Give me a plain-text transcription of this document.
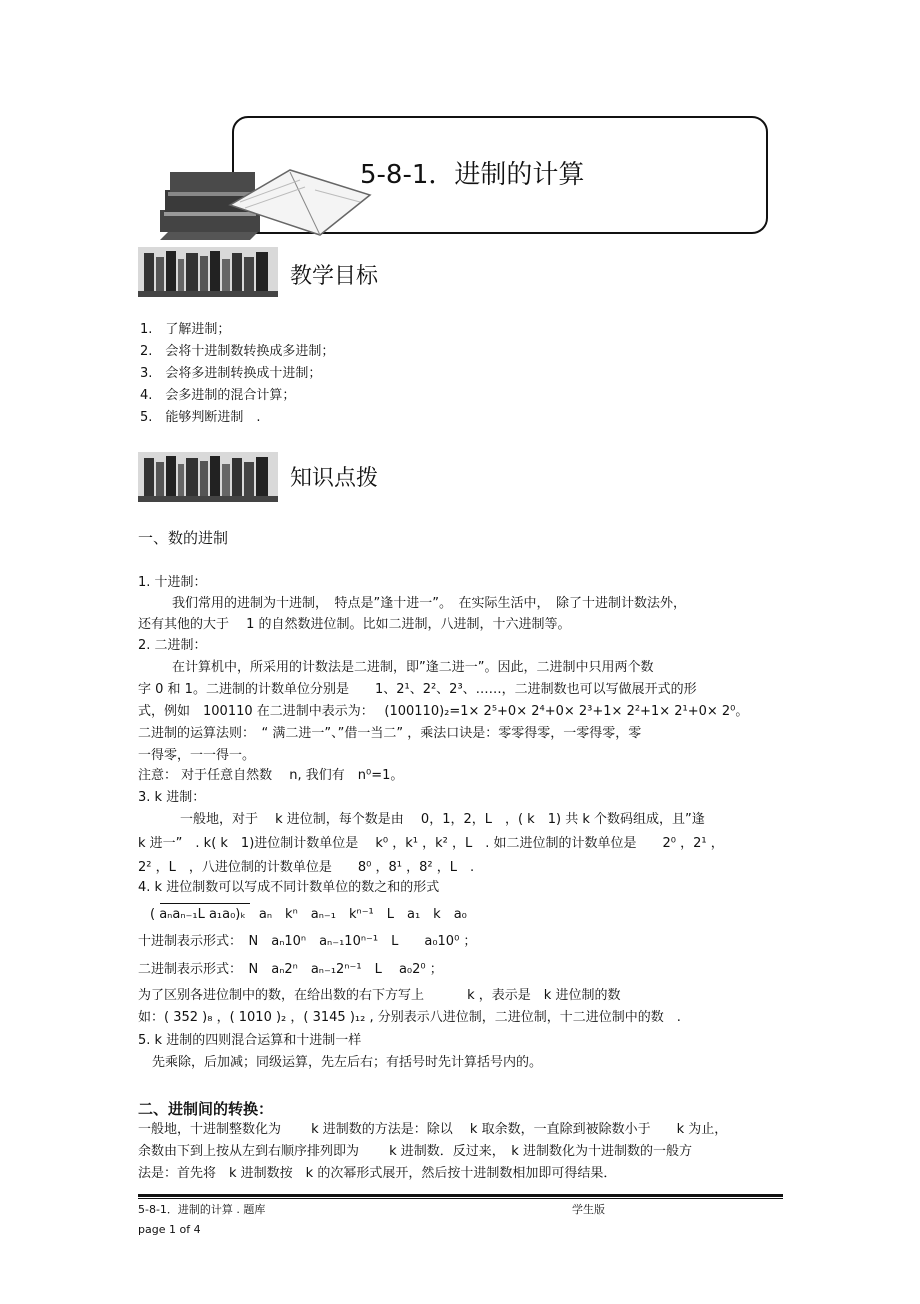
5-8-1．进制的计算
教学目标
1.　了解进制；
2.　会将十进制数转换成多进制；
3.　会将多进制转换成十进制；
4.　会多进制的混合计算；
5.　能够判断进制　.
知识点拨
一、数的进制
1. 十进制：
我们常用的进制为十进制，　特点是”逢十进一”。　在实际生活中，　除了十进制计数法外，
还有其他的大于　 1 的自然数进位制。比如二进制，八进制，十六进制等。
2. 二进制：
在计算机中，所采用的计数法是二进制，即”逢二进一”。因此，二进制中只用两个数
字 0 和 1。二进制的计数单位分别是　　1、2¹、2²、2³、……，二进制数也可以写做展开式的形
式，例如　100110 在二进制中表示为：　 (100110)₂=1× 2⁵+0× 2⁴+0× 2³+1× 2²+1× 2¹+0× 2⁰。
二进制的运算法则：　“ 满二进一”、”借一当二” ，乘法口诀是：零零得零，一零得零，零
一得零，一一得一。
注意： 对于任意自然数　 n, 我们有　n⁰=1。
3. k 进制：
一般地，对于　 k 进位制，每个数是由　 0，1，2，L　，( k　1) 共 k 个数码组成，且”逢
k 进一”　. k( k　1)进位制计数单位是　 k⁰ ，k¹ ，k² ，L　. 如二进位制的计数单位是　　2⁰ ，2¹ ，
2² ，L　，八进位制的计数单位是　　8⁰ ，8¹ ，8² ，L　.
4. k 进位制数可以写成不同计数单位的数之和的形式
( aₙaₙ₋₁L a₁a₀)ₖ　aₙ　kⁿ　aₙ₋₁　kⁿ⁻¹　L　a₁　k　a₀
十进制表示形式：　N　aₙ10ⁿ　aₙ₋₁10ⁿ⁻¹　L　　a₀10⁰ ；
二进制表示形式：　N　aₙ2ⁿ　aₙ₋₁2ⁿ⁻¹　L　 a₀2⁰ ；
为了区别各进位制中的数，在给出数的右下方写上　　　 k ，表示是　k 进位制的数
如：( 352 )₈ ，( 1010 )₂ ，( 3145 )₁₂ , 分别表示八进位制，二进位制，十二进位制中的数　.
5. k 进制的四则混合运算和十进制一样
先乘除，后加减；同级运算，先左后右；有括号时先计算括号内的。
二、进制间的转换：
一般地，十进制整数化为　　 k 进制数的方法是：除以　 k 取余数，一直除到被除数小于　　k 为止，
余数由下到上按从左到右顺序排列即为　　 k 进制数．反过来，　k 进制数化为十进制数的一般方
法是：首先将　k 进制数按　k 的次幂形式展开，然后按十进制数相加即可得结果．
5-8-1．进制的计算 . 题库	学生版
page 1 of 4
